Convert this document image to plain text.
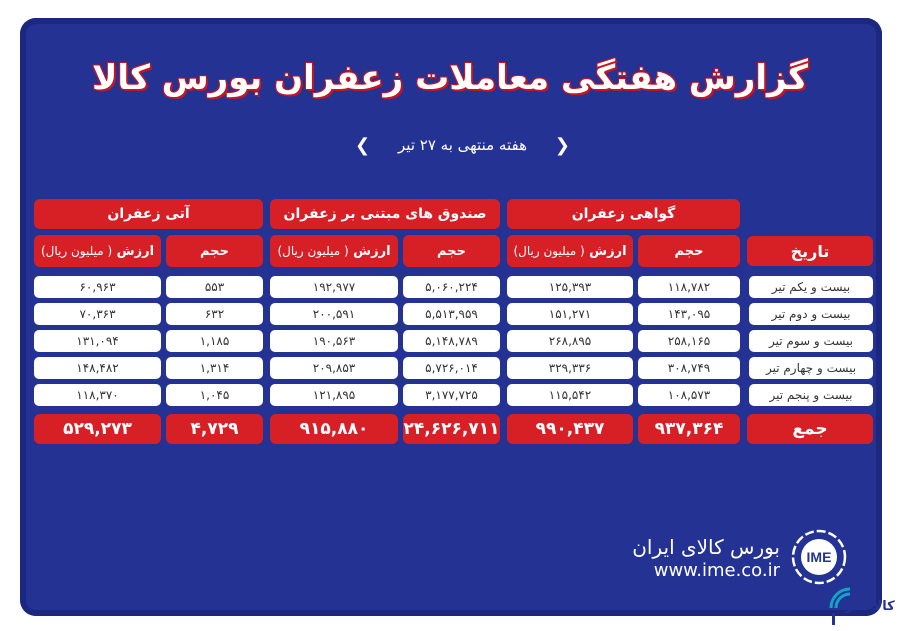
گزارش هفتگی معاملات زعفران بورس کالا
❮ هفته منتهی به ۲۷ تیر ❯
گواهی زعفران
صندوق های مبتنی بر زعفران
آتی زعفران
تاریخ
حجم
ارزش

( میلیون ریال)
حجم
ارزش

( میلیون ریال)
حجم
ارزش

( میلیون ریال)
بیست و یکم تیر
۱۱۸,۷۸۲
۱۲۵,۳۹۳
۵,۰۶۰,۲۲۴
۱۹۲,۹۷۷
۵۵۳
۶۰,۹۶۳
بیست و دوم تیر
۱۴۳,۰۹۵
۱۵۱,۲۷۱
۵,۵۱۳,۹۵۹
۲۰۰,۵۹۱
۶۳۲
۷۰,۳۶۳
بیست و سوم تیر
۲۵۸,۱۶۵
۲۶۸,۸۹۵
۵,۱۴۸,۷۸۹
۱۹۰,۵۶۳
۱,۱۸۵
۱۳۱,۰۹۴
بیست و چهارم تیر
۳۰۸,۷۴۹
۳۲۹,۳۳۶
۵,۷۲۶,۰۱۴
۲۰۹,۸۵۳
۱,۳۱۴
۱۴۸,۴۸۲
بیست و پنجم تیر
۱۰۸,۵۷۳
۱۱۵,۵۴۲
۳,۱۷۷,۷۲۵
۱۲۱,۸۹۵
۱,۰۴۵
۱۱۸,۳۷۰
جمع
۹۳۷,۳۶۴
۹۹۰,۴۳۷
۲۴,۶۲۶,۷۱۱
۹۱۵,۸۸۰
۴,۷۲۹
۵۲۹,۲۷۳
بورس کالای ایران
www.ime.co.ir
IME
کالا خبر
